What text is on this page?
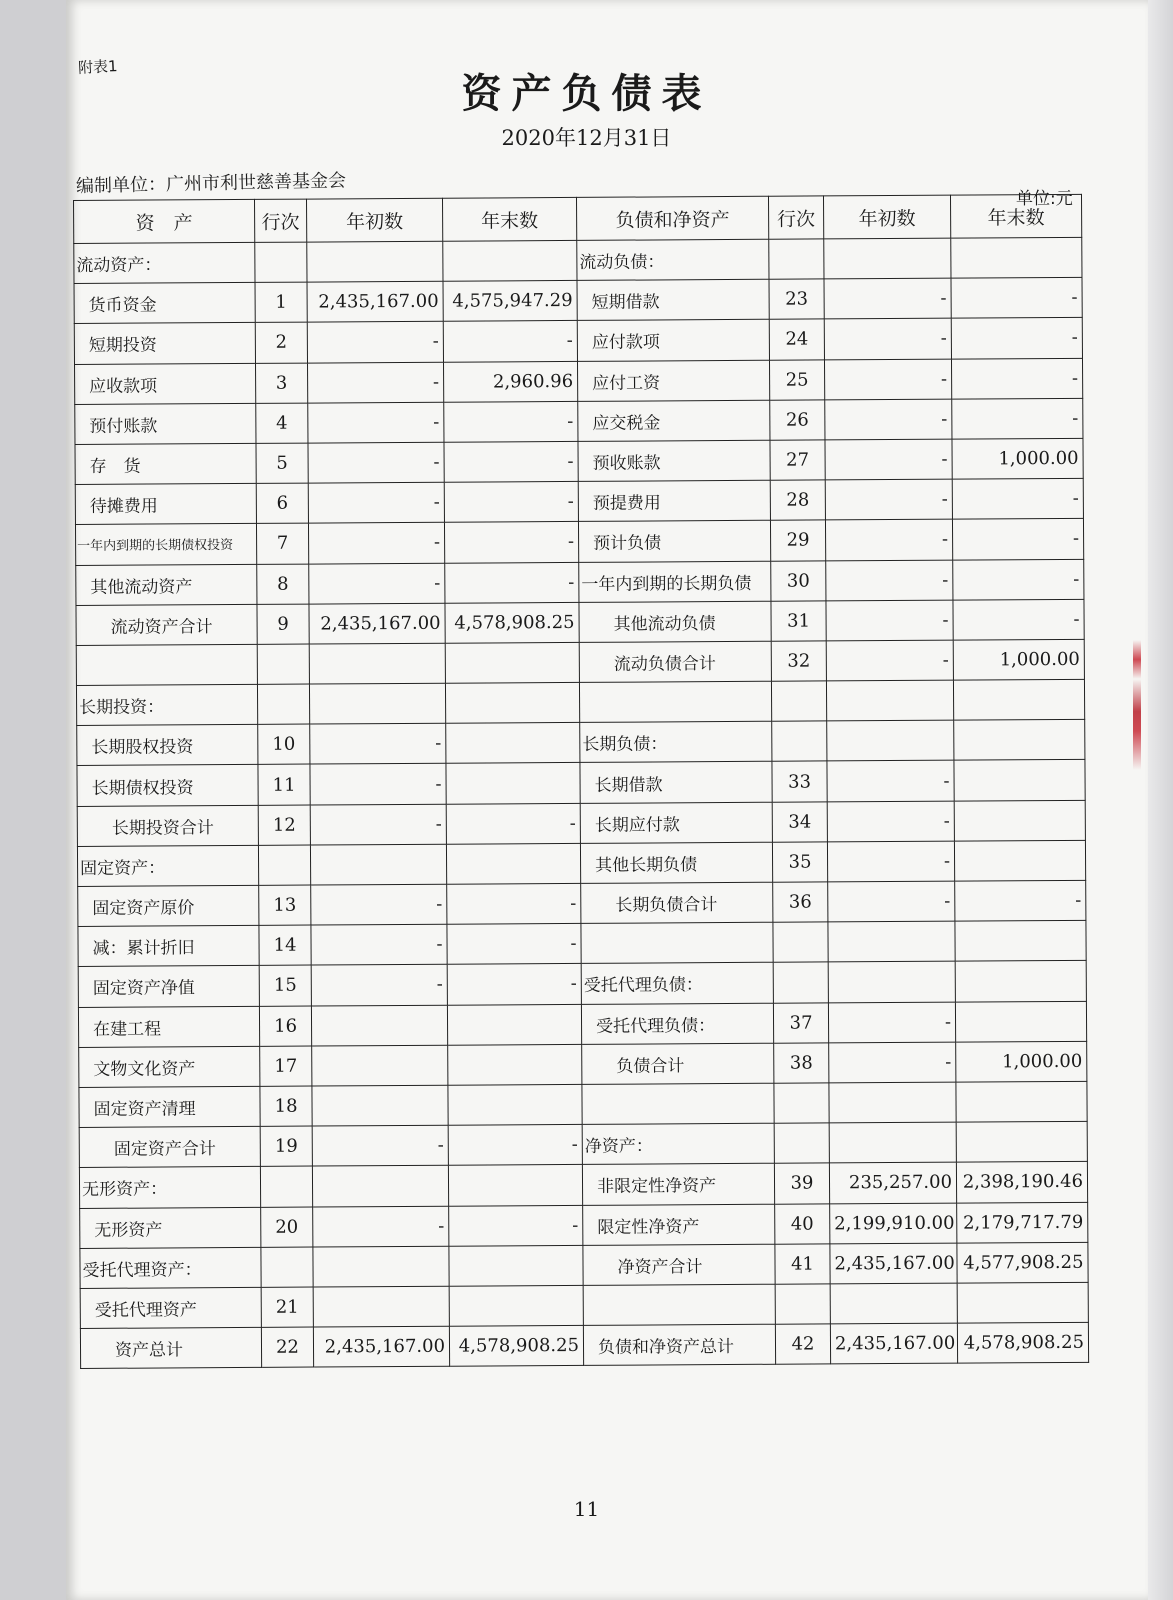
附表1
资产负债表
2020年12月31日
编制单位：广州市利世慈善基金会
单位:元
资　产	行次	年初数	年末数	负债和净资产	行次	年初数	年末数
流动资产：				流动负债：			
货币资金	1	2,435,167.00	4,575,947.29	短期借款	23	-	-
短期投资	2	-	-	应付款项	24	-	-
应收款项	3	-	2,960.96	应付工资	25	-	-
预付账款	4	-	-	应交税金	26	-	-
存　货	5	-	-	预收账款	27	-	1,000.00
待摊费用	6	-	-	预提费用	28	-	-
一年内到期的长期债权投资	7	-	-	预计负债	29	-	-
其他流动资产	8	-	-	一年内到期的长期负债	30	-	-
流动资产合计	9	2,435,167.00	4,578,908.25	其他流动负债	31	-	-
				流动负债合计	32	-	1,000.00
长期投资：							
长期股权投资	10	-		长期负债：			
长期债权投资	11	-		长期借款	33	-	
长期投资合计	12	-	-	长期应付款	34	-	
固定资产：				其他长期负债	35	-	
固定资产原价	13	-	-	长期负债合计	36	-	-
减：累计折旧	14	-	-				
固定资产净值	15	-	-	受托代理负债：			
在建工程	16			受托代理负债：	37	-	
文物文化资产	17			负债合计	38	-	1,000.00
固定资产清理	18						
固定资产合计	19	-	-	净资产：			
无形资产：				非限定性净资产	39	235,257.00	2,398,190.46
无形资产	20	-	-	限定性净资产	40	2,199,910.00	2,179,717.79
受托代理资产：				净资产合计	41	2,435,167.00	4,577,908.25
受托代理资产	21						
资产总计	22	2,435,167.00	4,578,908.25	负债和净资产总计	42	2,435,167.00	4,578,908.25
11
